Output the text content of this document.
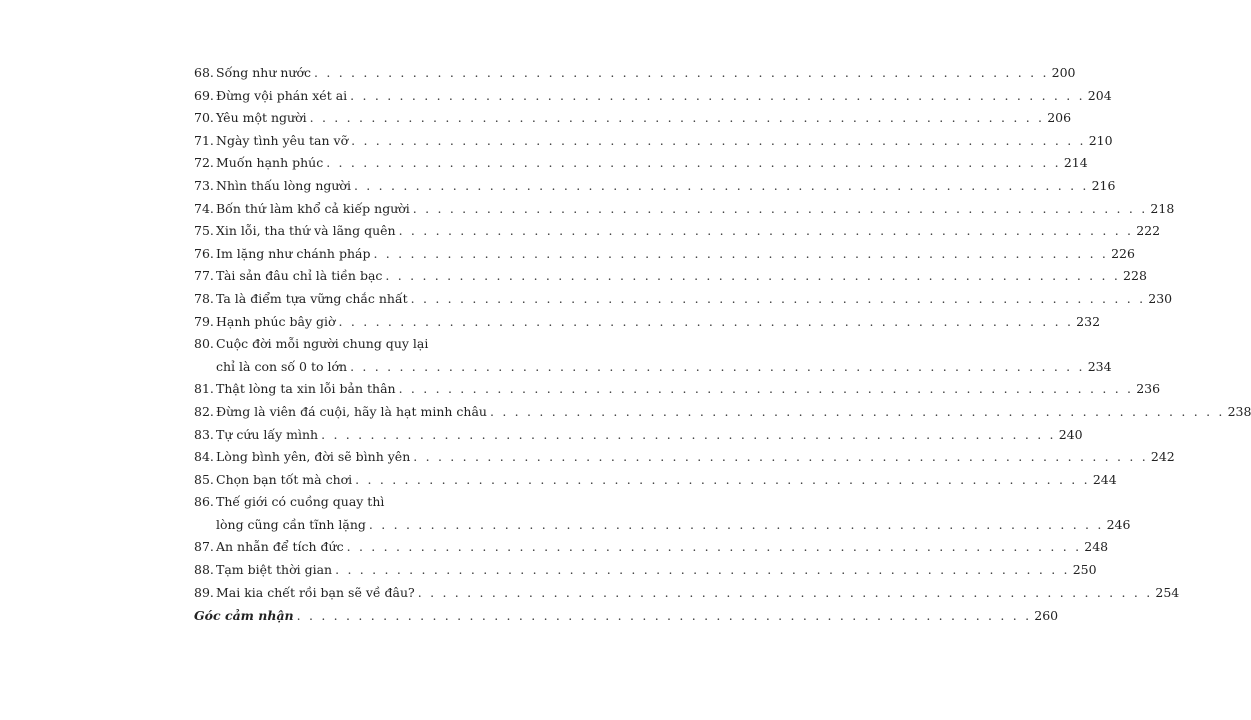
68. Sống như nước . . . . . . . . . . . . . . . . . . . . . . . . . . . . . . . . . . . . . . . . . . . . . . . . . . . . . . . . . . . . 200
69. Đừng vội phán xét ai . . . . . . . . . . . . . . . . . . . . . . . . . . . . . . . . . . . . . . . . . . . . . . . . . . . . . . . . . . . . 204
70. Yêu một người . . . . . . . . . . . . . . . . . . . . . . . . . . . . . . . . . . . . . . . . . . . . . . . . . . . . . . . . . . . . 206
71. Ngày tình yêu tan vỡ . . . . . . . . . . . . . . . . . . . . . . . . . . . . . . . . . . . . . . . . . . . . . . . . . . . . . . . . . . . . 210
72. Muốn hạnh phúc . . . . . . . . . . . . . . . . . . . . . . . . . . . . . . . . . . . . . . . . . . . . . . . . . . . . . . . . . . . . 214
73. Nhìn thấu lòng người . . . . . . . . . . . . . . . . . . . . . . . . . . . . . . . . . . . . . . . . . . . . . . . . . . . . . . . . . . . . 216
74. Bốn thứ làm khổ cả kiếp người . . . . . . . . . . . . . . . . . . . . . . . . . . . . . . . . . . . . . . . . . . . . . . . . . . . . . . . . . . . . 218
75. Xin lỗi, tha thứ và lãng quên . . . . . . . . . . . . . . . . . . . . . . . . . . . . . . . . . . . . . . . . . . . . . . . . . . . . . . . . . . . . 222
76. Im lặng như chánh pháp . . . . . . . . . . . . . . . . . . . . . . . . . . . . . . . . . . . . . . . . . . . . . . . . . . . . . . . . . . . . 226
77. Tài sản đâu chỉ là tiền bạc . . . . . . . . . . . . . . . . . . . . . . . . . . . . . . . . . . . . . . . . . . . . . . . . . . . . . . . . . . . . 228
78. Ta là điểm tựa vững chắc nhất . . . . . . . . . . . . . . . . . . . . . . . . . . . . . . . . . . . . . . . . . . . . . . . . . . . . . . . . . . . . 230
79. Hạnh phúc bây giờ . . . . . . . . . . . . . . . . . . . . . . . . . . . . . . . . . . . . . . . . . . . . . . . . . . . . . . . . . . . . 232
80. Cuộc đời mỗi người chung quy lại
chỉ là con số 0 to lớn . . . . . . . . . . . . . . . . . . . . . . . . . . . . . . . . . . . . . . . . . . . . . . . . . . . . . . . . . . . . 234
81. Thật lòng ta xin lỗi bản thân . . . . . . . . . . . . . . . . . . . . . . . . . . . . . . . . . . . . . . . . . . . . . . . . . . . . . . . . . . . . 236
82. Đừng là viên đá cuội, hãy là hạt minh châu . . . . . . . . . . . . . . . . . . . . . . . . . . . . . . . . . . . . . . . . . . . . . . . . . . . . . . . . . . . . 238
83. Tự cứu lấy mình . . . . . . . . . . . . . . . . . . . . . . . . . . . . . . . . . . . . . . . . . . . . . . . . . . . . . . . . . . . . 240
84. Lòng bình yên, đời sẽ bình yên . . . . . . . . . . . . . . . . . . . . . . . . . . . . . . . . . . . . . . . . . . . . . . . . . . . . . . . . . . . . 242
85. Chọn bạn tốt mà chơi . . . . . . . . . . . . . . . . . . . . . . . . . . . . . . . . . . . . . . . . . . . . . . . . . . . . . . . . . . . . 244
86. Thế giới có cuồng quay thì
lòng cũng cần tĩnh lặng . . . . . . . . . . . . . . . . . . . . . . . . . . . . . . . . . . . . . . . . . . . . . . . . . . . . . . . . . . . . 246
87. An nhẫn để tích đức . . . . . . . . . . . . . . . . . . . . . . . . . . . . . . . . . . . . . . . . . . . . . . . . . . . . . . . . . . . . 248
88. Tạm biệt thời gian . . . . . . . . . . . . . . . . . . . . . . . . . . . . . . . . . . . . . . . . . . . . . . . . . . . . . . . . . . . . 250
89. Mai kia chết rồi bạn sẽ về đâu? . . . . . . . . . . . . . . . . . . . . . . . . . . . . . . . . . . . . . . . . . . . . . . . . . . . . . . . . . . . . 254
Góc cảm nhận . . . . . . . . . . . . . . . . . . . . . . . . . . . . . . . . . . . . . . . . . . . . . . . . . . . . . . . . . . . . 260
